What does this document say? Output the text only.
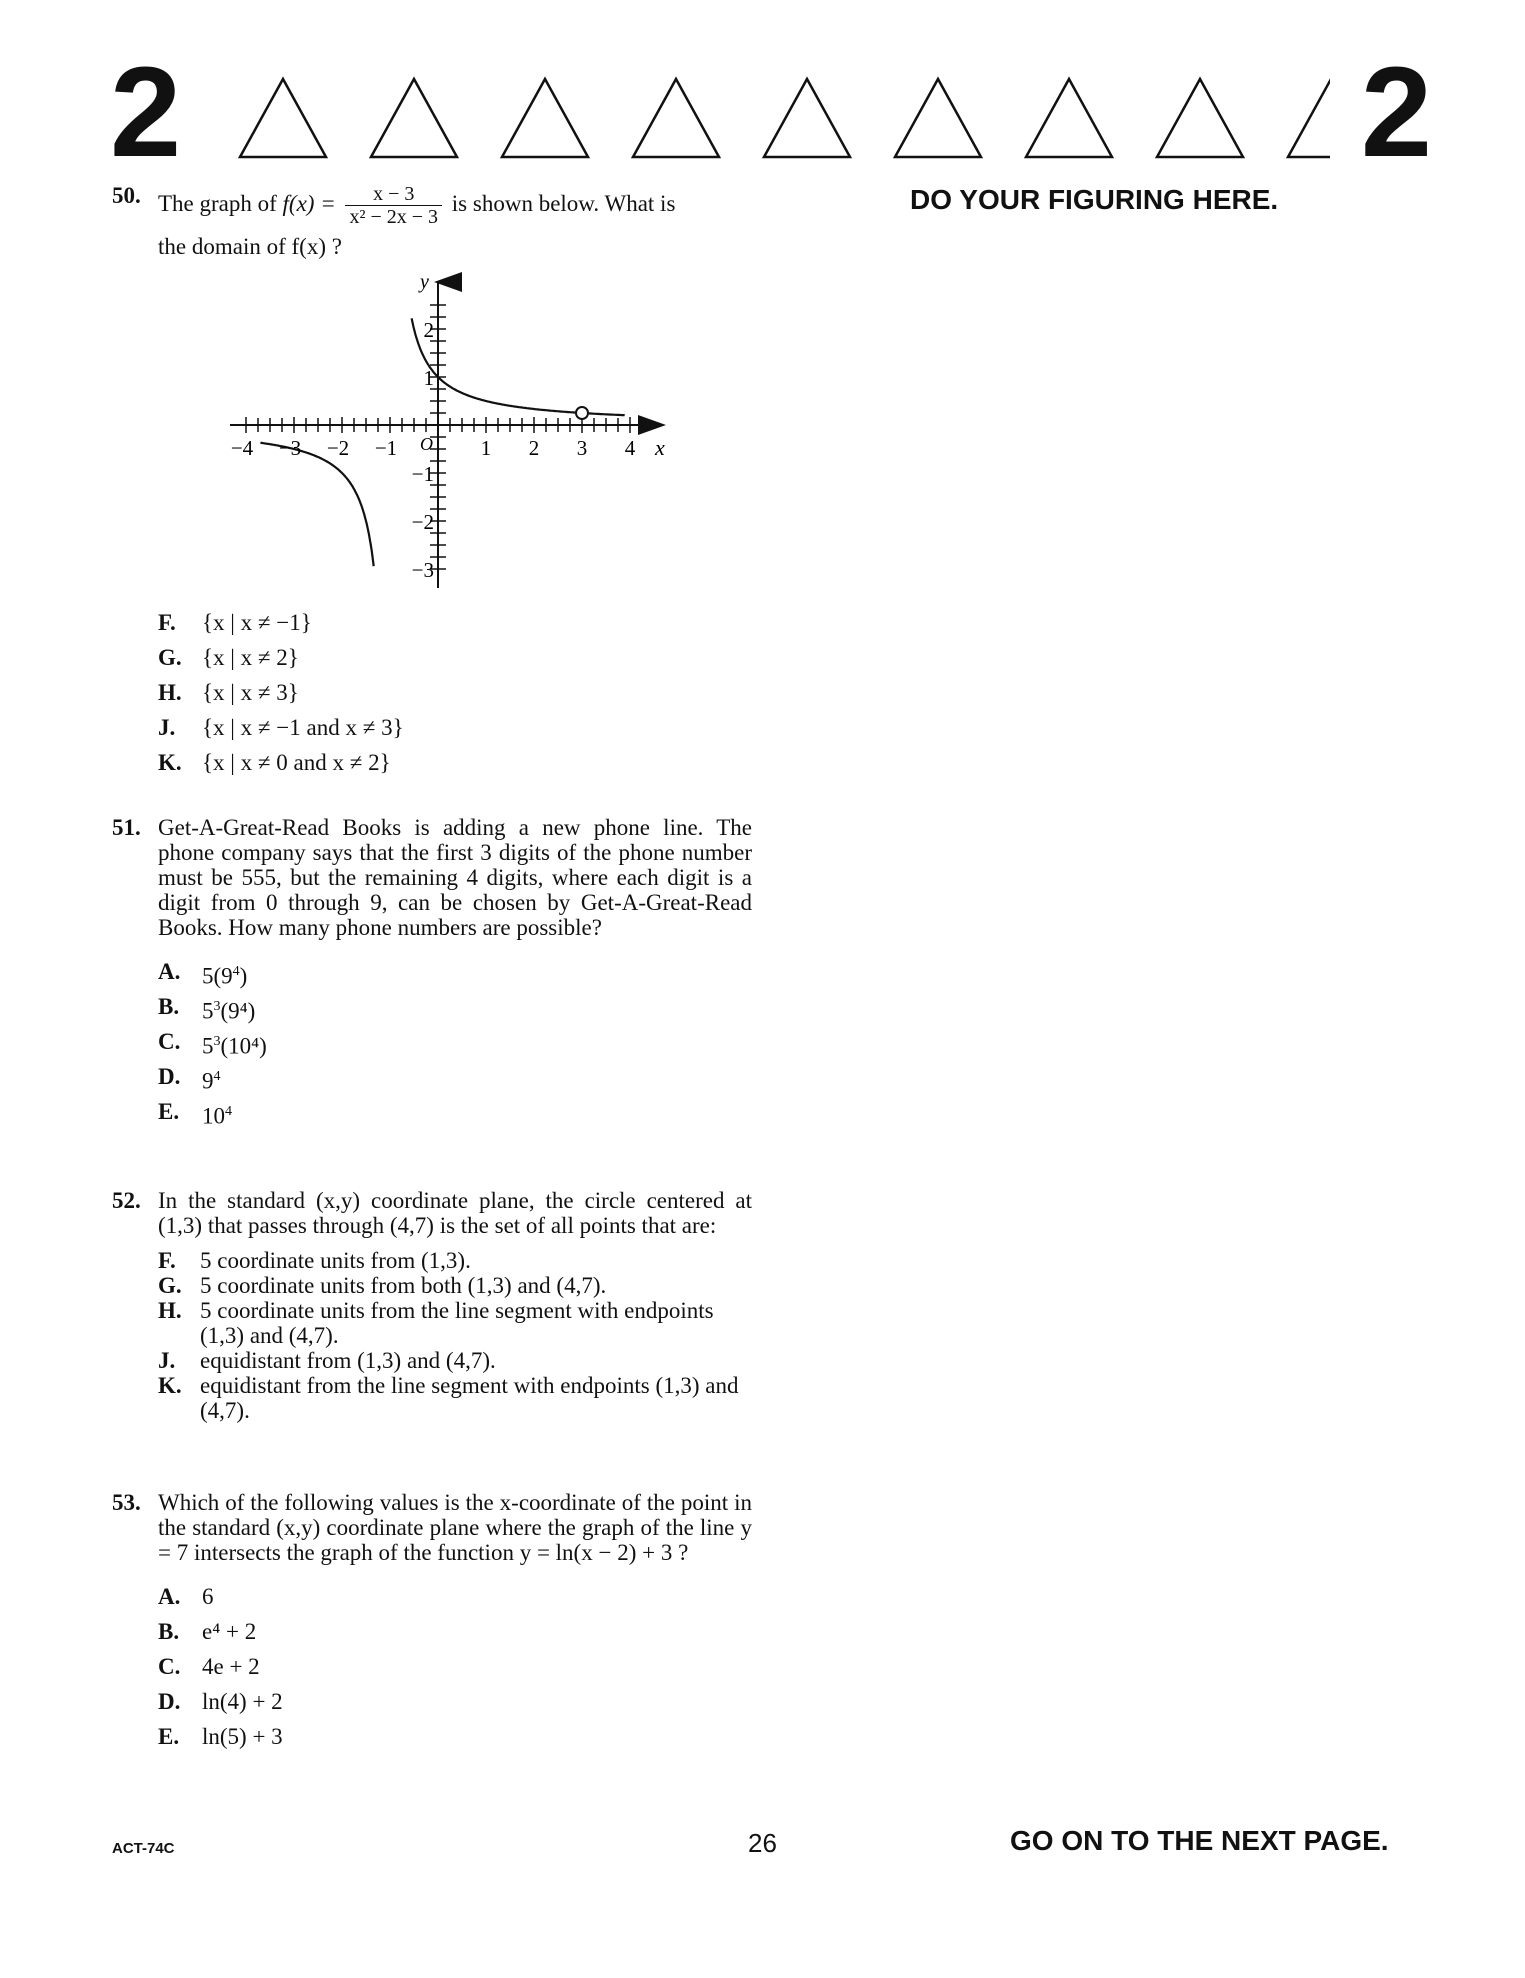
2	2
DO YOUR FIGURING HERE.
50. The graph of $f(x) = \frac{x - 3}{\text{x² − 2x − 3}}$ is shown below. What is
the domain of f(x) ?
y
x
O
−4 −3 −2 −1	1 2 3 4
2
1
−1
−2
−3
F.	{x | x ≠ −1}
G. {x | x ≠ 2}
H. {x | x ≠ 3}
J.	{x | x ≠ −1 and x ≠ 3}
K. {x | x ≠ 0 and x ≠ 2}
51. Get-A-Great-Read Books is adding a new phone line. The phone company says that the first 3 digits of the phone number must be 555, but the remaining 4 digits, where each digit is a digit from 0 through 9, can be chosen by Get-A-Great-Read Books. How many phone numbers are possible?
A. $5(9^4)$
B. $5^3(9^4)$
C. $5^3(10^4)$
D. $9^4$
E. $10^4$
52. In the standard (x,y) coordinate plane, the circle centered at (1,3) that passes through (4,7) is the set of all points that are:
F.	5 coordinate units from (1,3).
G. 5 coordinate units from both (1,3) and (4,7).
H. 5 coordinate units from the line segment with endpoints (1,3) and (4,7).
J.	equidistant from (1,3) and (4,7).
K. equidistant from the line segment with endpoints (1,3) and (4,7).
53. Which of the following values is the x-coordinate of the point in the standard (x,y) coordinate plane where the graph of the line y = 7 intersects the graph of the function y = ln(x − 2) + 3 ?
A. 6
B. e⁴ + 2
C. 4e + 2
D. ln(4) + 2
E. ln(5) + 3
ACT-74C	26	GO ON TO THE NEXT PAGE.
